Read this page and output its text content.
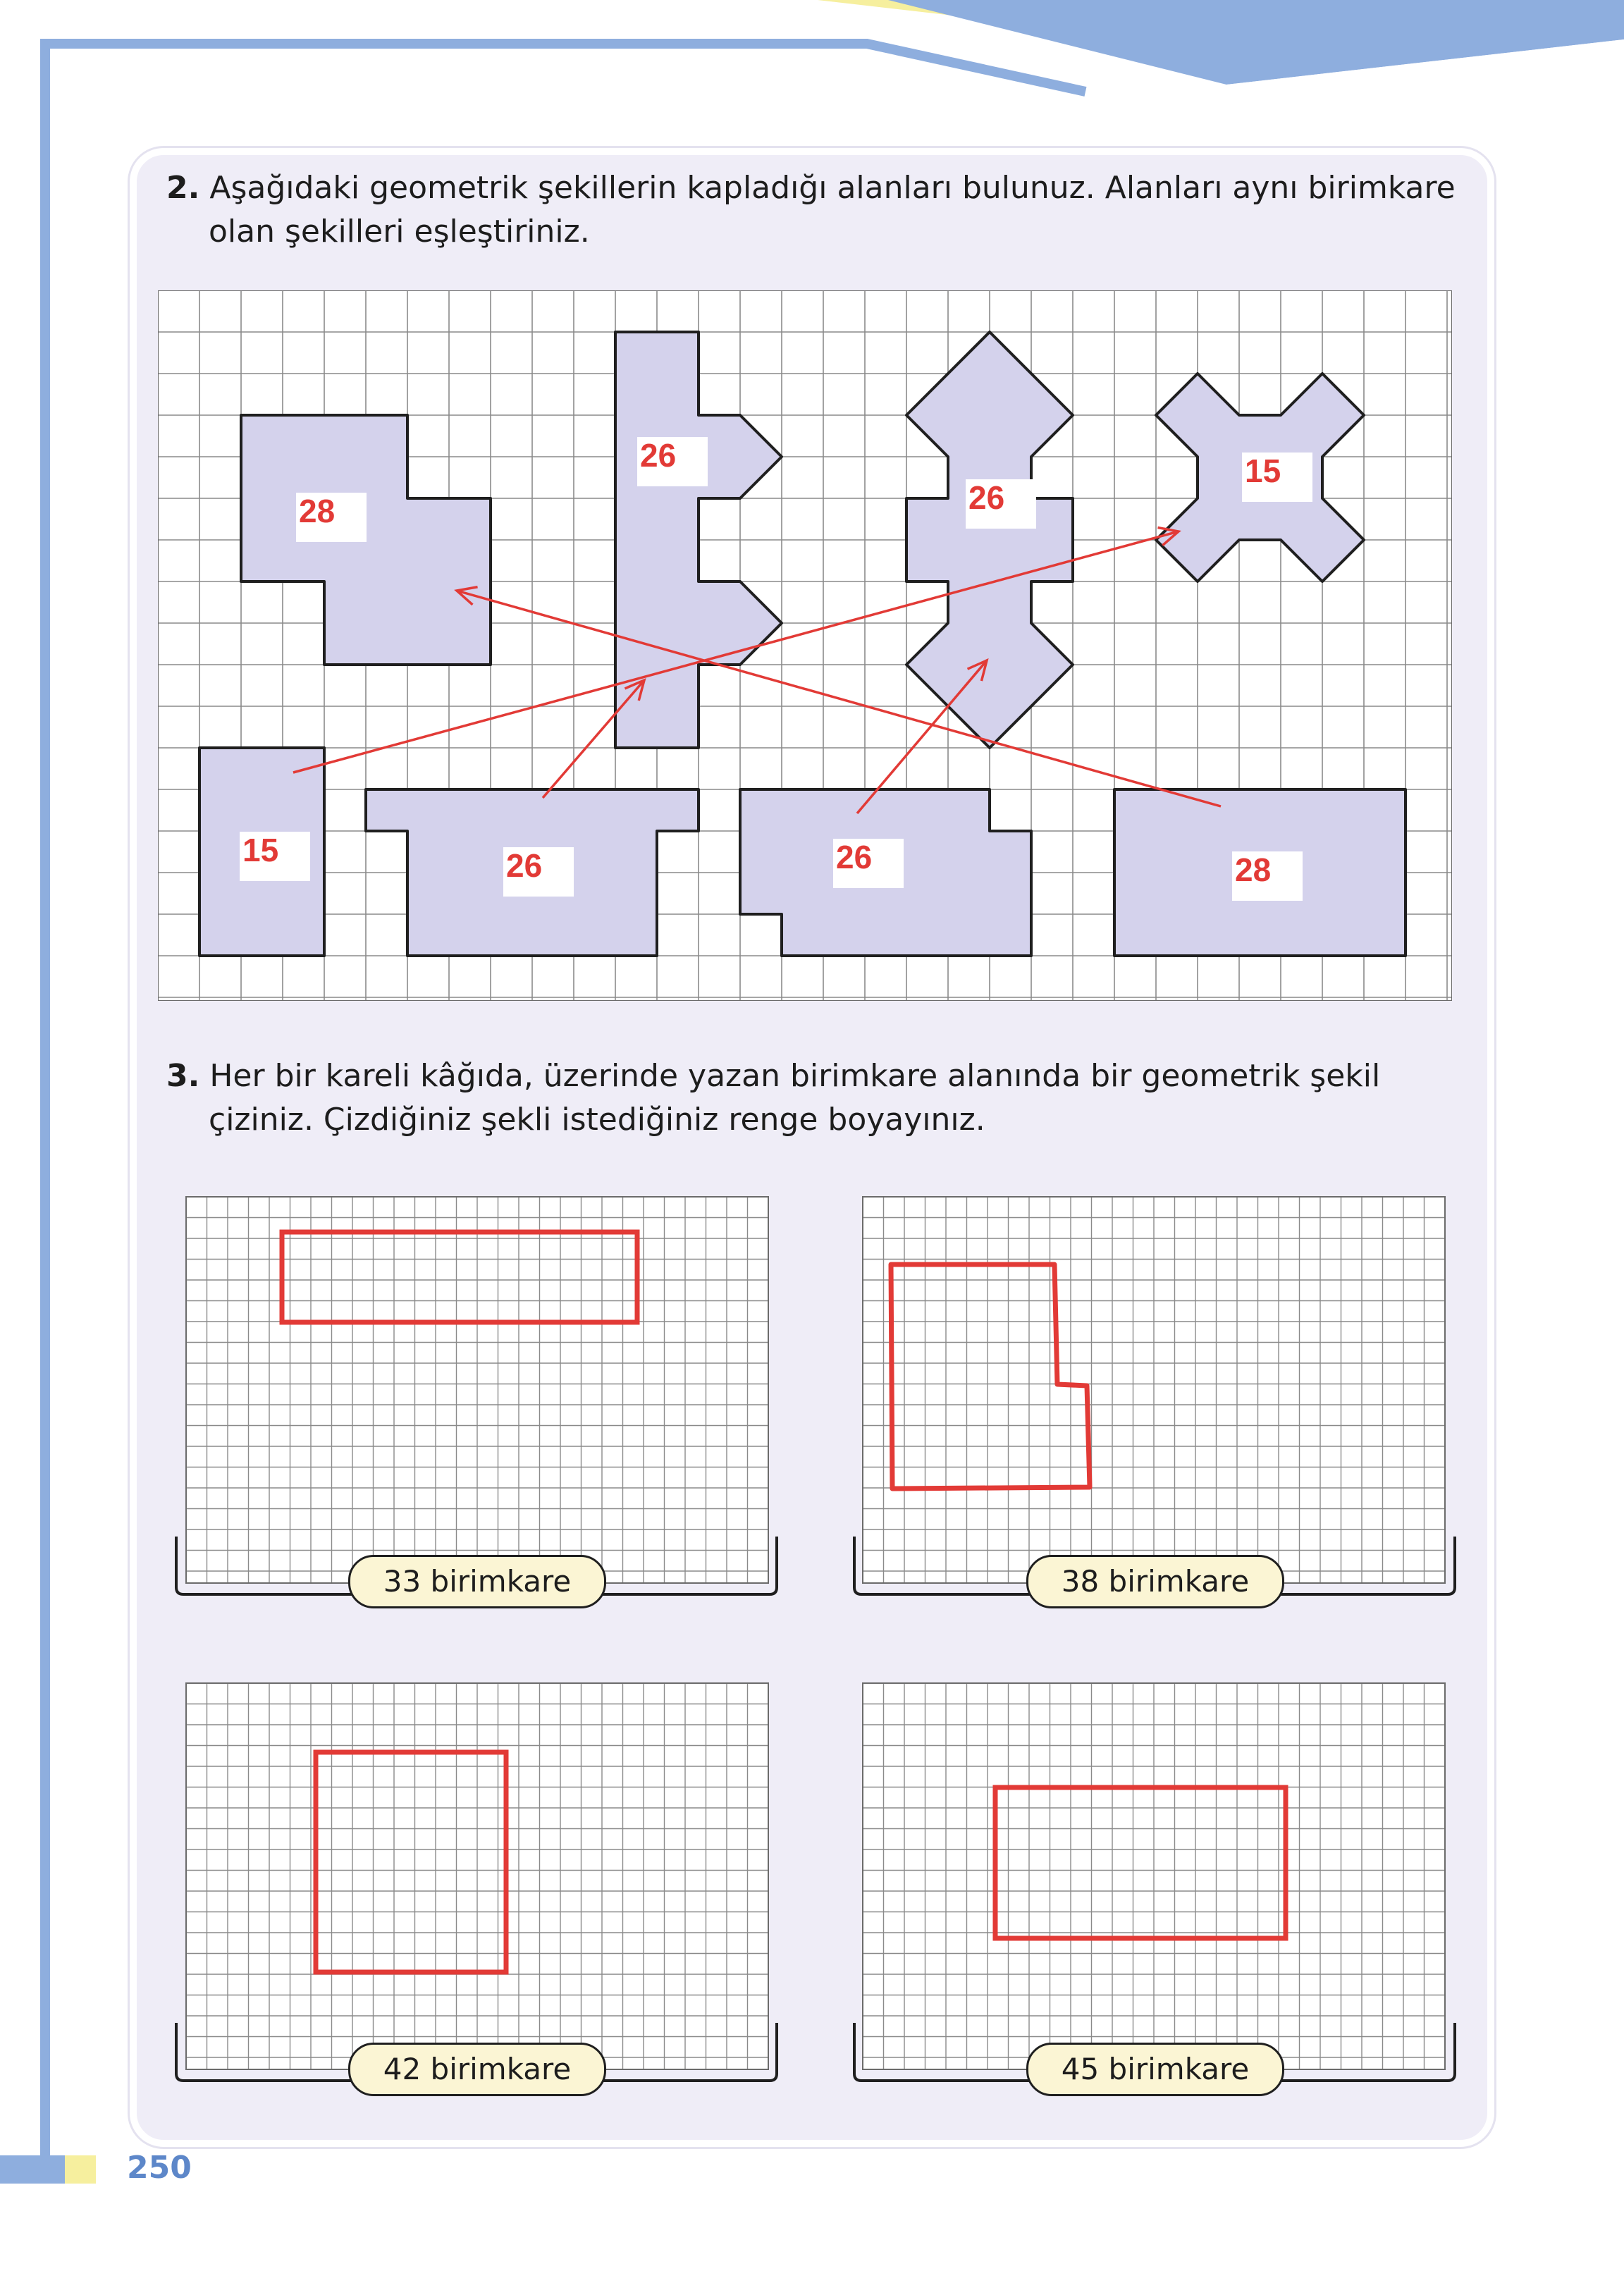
2. Aşağıdaki geometrik şekillerin kapladığı alanları bulunuz. Alanları aynı birimkare olan şekilleri eşleştiriniz.
28
26
26
15
15	26	26	28
3. Her bir kareli kâğıda, üzerinde yazan birimkare alanında bir geometrik şekil çiziniz. Çizdiğiniz şekli istediğiniz renge boyayınız.
33 birimkare	38 birimkare
42 birimkare	45 birimkare
250
